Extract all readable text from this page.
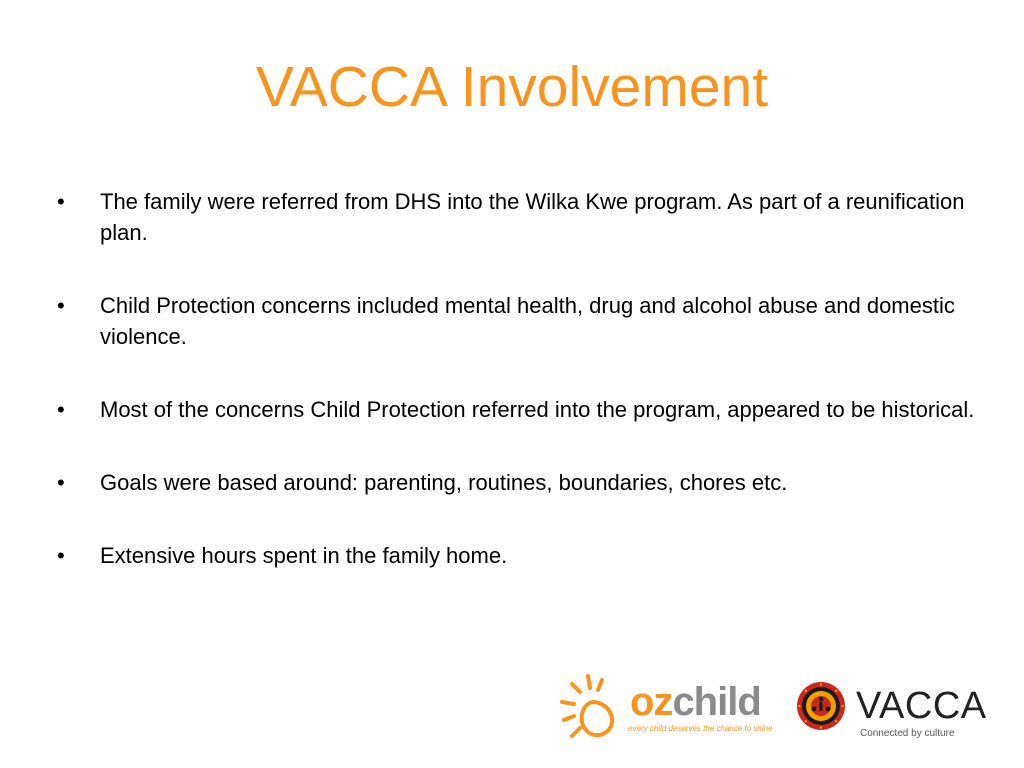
VACCA Involvement
•	The family were referred from DHS into the Wilka Kwe program. As part of a reunification plan.
•	Child Protection concerns included mental health, drug and alcohol abuse and domestic violence.
•	Most of the concerns Child Protection referred into the program, appeared to be historical.
•	Goals were based around: parenting, routines, boundaries, chores etc.
•	Extensive hours spent in the family home.
ozchild
every child deserves the chance to shine
VACCA
Connected by culture
